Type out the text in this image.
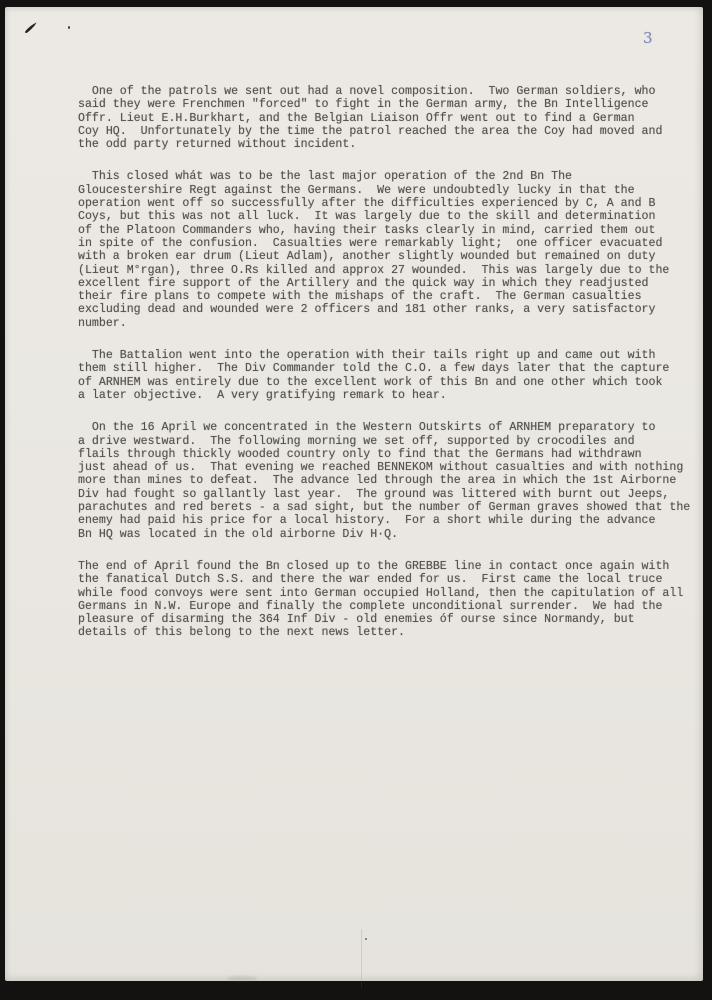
3

One of the patrols we sent out had a novel composition.  Two German soldiers, who
said they were Frenchmen "forced" to fight in the German army, the Bn Intelligence
Offr. Lieut E.H.Burkhart, and the Belgian Liaison Offr went out to find a German
Coy HQ.  Unfortunately by the time the patrol reached the area the Coy had moved and
the odd party returned without incident.

This closed whát was to be the last major operation of the 2nd Bn The
Gloucestershire Regt against the Germans.  We were undoubtedly lucky in that the
operation went off so successfully after the difficulties experienced by C, A and B
Coys, but this was not all luck.  It was largely due to the skill and determination
of the Platoon Commanders who, having their tasks clearly in mind, carried them out
in spite of the confusion.  Casualties were remarkably light;  one officer evacuated
with a broken ear drum (Lieut Adlam), another slightly wounded but remained on duty
(Lieut M°rgan), three O.Rs killed and approx 27 wounded.  This was largely due to the
excellent fire support of the Artillery and the quick way in which they readjusted
their fire plans to compete with the mishaps of the craft.  The German casualties
excluding dead and wounded were 2 officers and 181 other ranks, a very satisfactory
number.

The Battalion went into the operation with their tails right up and came out with
them still higher.  The Div Commander told the C.O. a few days later that the capture
of ARNHEM was entirely due to the excellent work of this Bn and one other which took
a later objective.  A very gratifying remark to hear.

On the 16 April we concentrated in the Western Outskirts of ARNHEM preparatory to
a drive westward.  The following morning we set off, supported by crocodiles and
flails through thickly wooded country only to find that the Germans had withdrawn
just ahead of us.  That evening we reached BENNEKOM without casualties and with nothing
more than mines to defeat.  The advance led through the area in which the 1st Airborne
Div had fought so gallantly last year.  The ground was littered with burnt out Jeeps,
parachutes and red berets - a sad sight, but the number of German graves showed that the
enemy had paid his price for a local history.  For a short while during the advance
Bn HQ was located in the old airborne Div H·Q.

The end of April found the Bn closed up to the GREBBE line in contact once again with
the fanatical Dutch S.S. and there the war ended for us.  First came the local truce
while food convoys were sent into German occupied Holland, then the capitulation of all
Germans in N.W. Europe and finally the complete unconditional surrender.  We had the
pleasure of disarming the 364 Inf Div - old enemies óf ourse since Normandy, but
details of this belong to the next news letter.
